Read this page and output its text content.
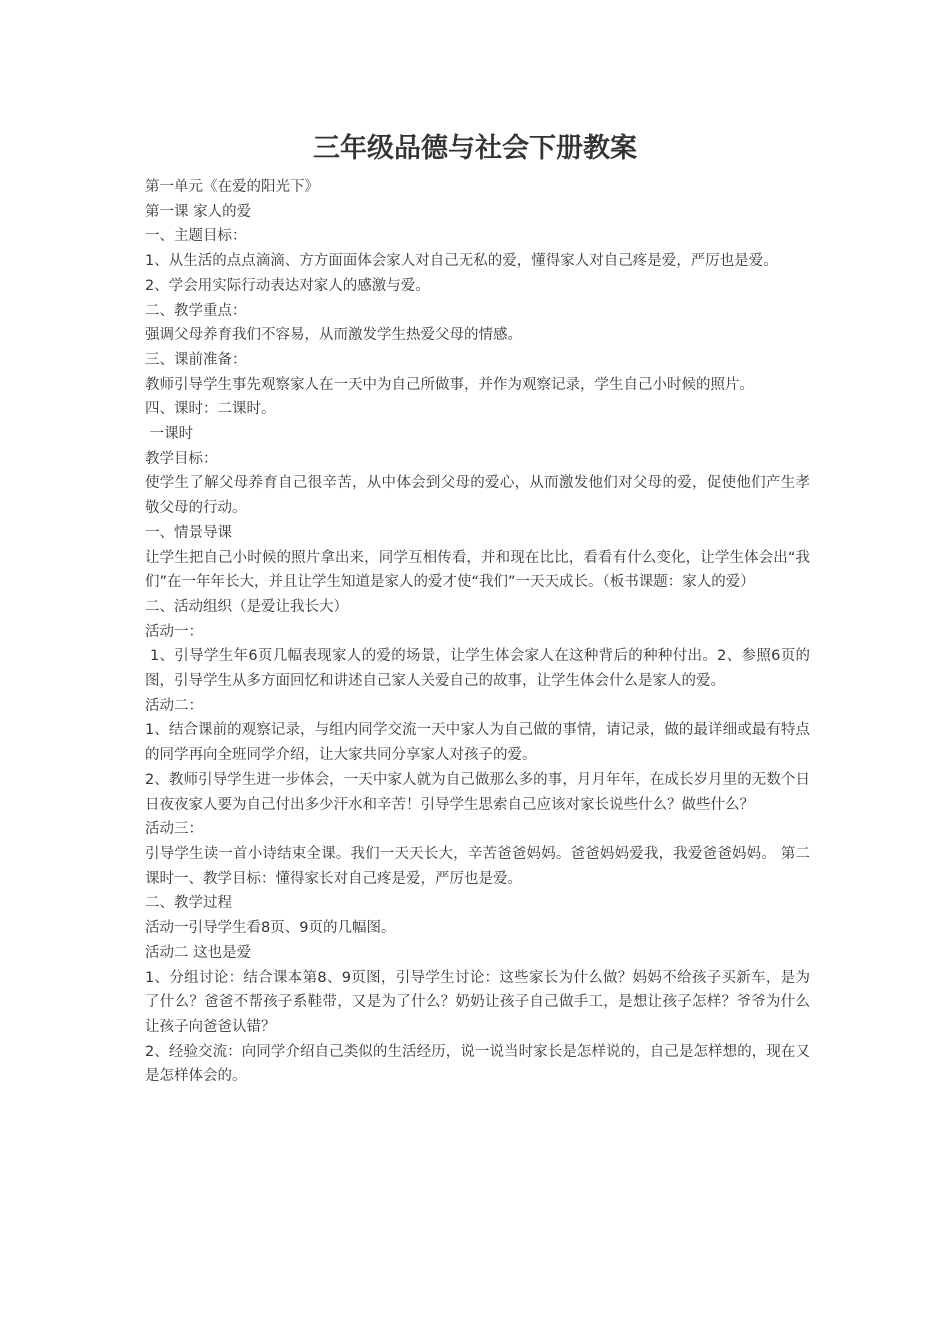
三年级品德与社会下册教案

第一单元《在爱的阳光下》

第一课 家人的爱

一、主题目标：

1、从生活的点点滴滴、方方面面体会家人对自己无私的爱，懂得家人对自己疼是爱，严厉也是爱。

2、学会用实际行动表达对家人的感激与爱。

二、教学重点：

强调父母养育我们不容易，从而激发学生热爱父母的情感。

三、课前准备：

教师引导学生事先观察家人在一天中为自己所做事，并作为观察记录，学生自己小时候的照片。

四、课时：二课时。

一课时

教学目标：

使学生了解父母养育自己很辛苦，从中体会到父母的爱心，从而激发他们对父母的爱，促使他们产生孝敬父母的行动。

一、情景导课

让学生把自己小时候的照片拿出来，同学互相传看，并和现在比比，看看有什么变化，让学生体会出“我们”在一年年长大，并且让学生知道是家人的爱才使“我们”一天天成长。（板书课题：家人的爱）

二、活动组织（是爱让我长大）

活动一：

1、引导学生年6页几幅表现家人的爱的场景，让学生体会家人在这种背后的种种付出。2、参照6页的图，引导学生从多方面回忆和讲述自己家人关爱自己的故事，让学生体会什么是家人的爱。

活动二：

1、结合课前的观察记录，与组内同学交流一天中家人为自己做的事情，请记录，做的最详细或最有特点的同学再向全班同学介绍，让大家共同分享家人对孩子的爱。

2、教师引导学生进一步体会，一天中家人就为自己做那么多的事，月月年年，在成长岁月里的无数个日日夜夜家人要为自己付出多少汗水和辛苦！引导学生思索自己应该对家长说些什么？做些什么？

活动三：

引导学生读一首小诗结束全课。我们一天天长大，辛苦爸爸妈妈。爸爸妈妈爱我，我爱爸爸妈妈。 第二课时一、教学目标：懂得家长对自己疼是爱，严厉也是爱。

二、教学过程

活动一引导学生看8页、9页的几幅图。

活动二 这也是爱

1、分组讨论：结合课本第8、9页图，引导学生讨论：这些家长为什么做？妈妈不给孩子买新车，是为了什么？爸爸不帮孩子系鞋带，又是为了什么？奶奶让孩子自己做手工，是想让孩子怎样？爷爷为什么让孩子向爸爸认错？

2、经验交流：向同学介绍自己类似的生活经历，说一说当时家长是怎样说的，自己是怎样想的，现在又是怎样体会的。
